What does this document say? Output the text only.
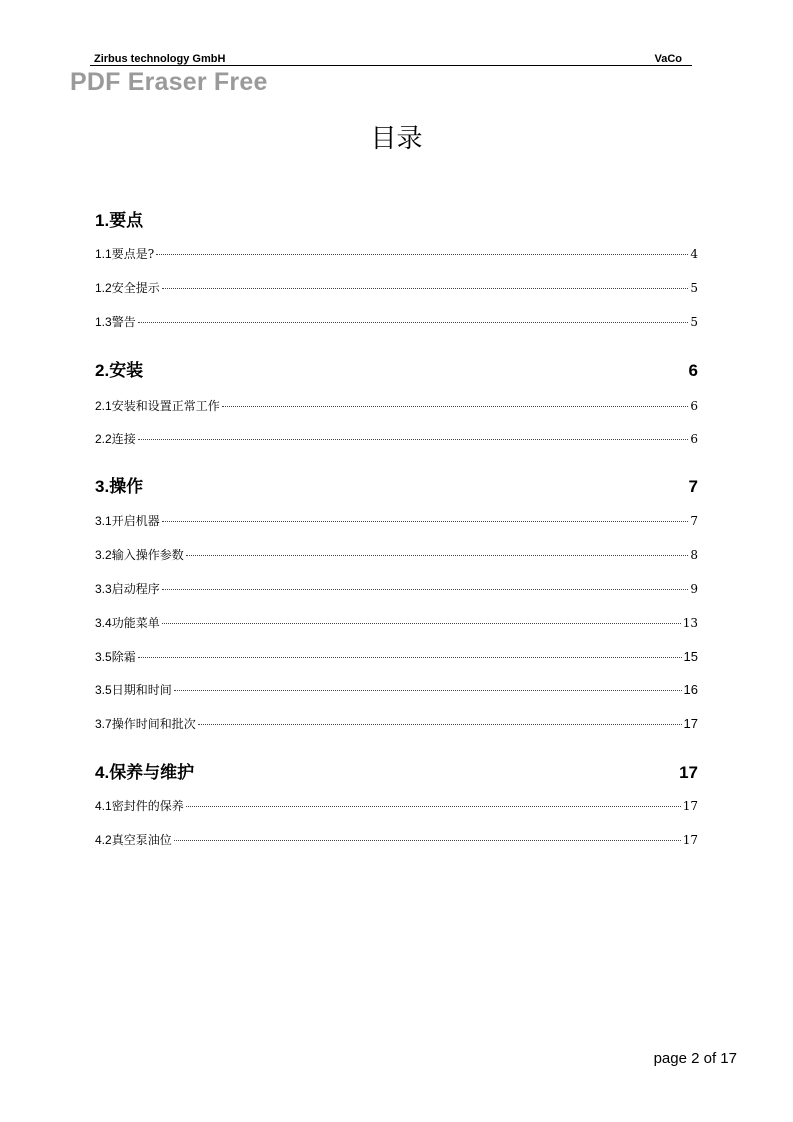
Zirbus technology GmbH	VaCo
PDF Eraser Free
目录
1. 要点
1.1 要点是?	4
1.2 安全提示	5
1.3 警告	5
2. 安装	6
2.1 安装和设置正常工作	6
2.2 连接	6
3. 操作	7
3.1 开启机器	7
3.2 输入操作参数	8
3.3 启动程序	9
3.4 功能菜单	13
3.5 除霜	15
3.5 日期和时间	16
3.7 操作时间和批次	17
4. 保养与维护	17
4.1 密封件的保养	17
4.2 真空泵油位	17
page 2 of 17
